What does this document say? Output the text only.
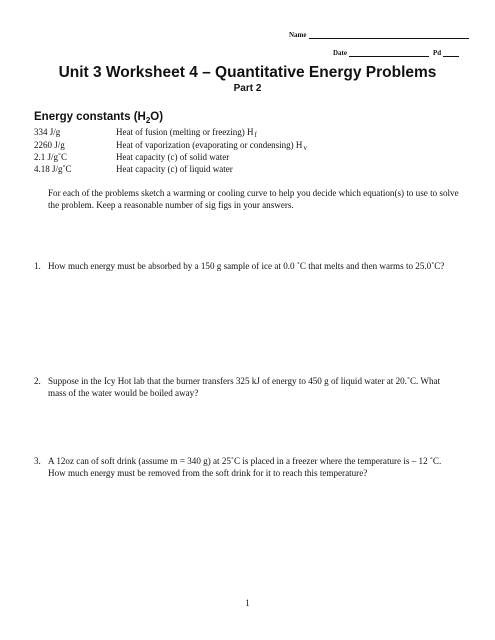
Name
Date	Pd
Unit 3 Worksheet 4 – Quantitative Energy Problems
Part 2
Energy constants $(H_2O)$
334 J/g	Heat of fusion (melting or freezing) $H_f$
2260 J/g	Heat of vaporization (evaporating or condensing) $H_v$
2.1 J/g˚C	Heat capacity (c) of solid water
4.18 J/g˚C	Heat capacity (c) of liquid water
For each of the problems sketch a warming or cooling curve to help you decide which equation(s) to use to solve the problem. Keep a reasonable number of sig figs in your answers.
1. How much energy must be absorbed by a 150 g sample of ice at 0.0 ˚C that melts and then warms to 25.0˚C?
2. Suppose in the Icy Hot lab that the burner transfers 325 kJ of energy to 450 g of liquid water at 20.˚C. What mass of the water would be boiled away?
3. A 12oz can of soft drink (assume m = 340 g) at 25˚C is placed in a freezer where the temperature is – 12 ˚C. How much energy must be removed from the soft drink for it to reach this temperature?
1
